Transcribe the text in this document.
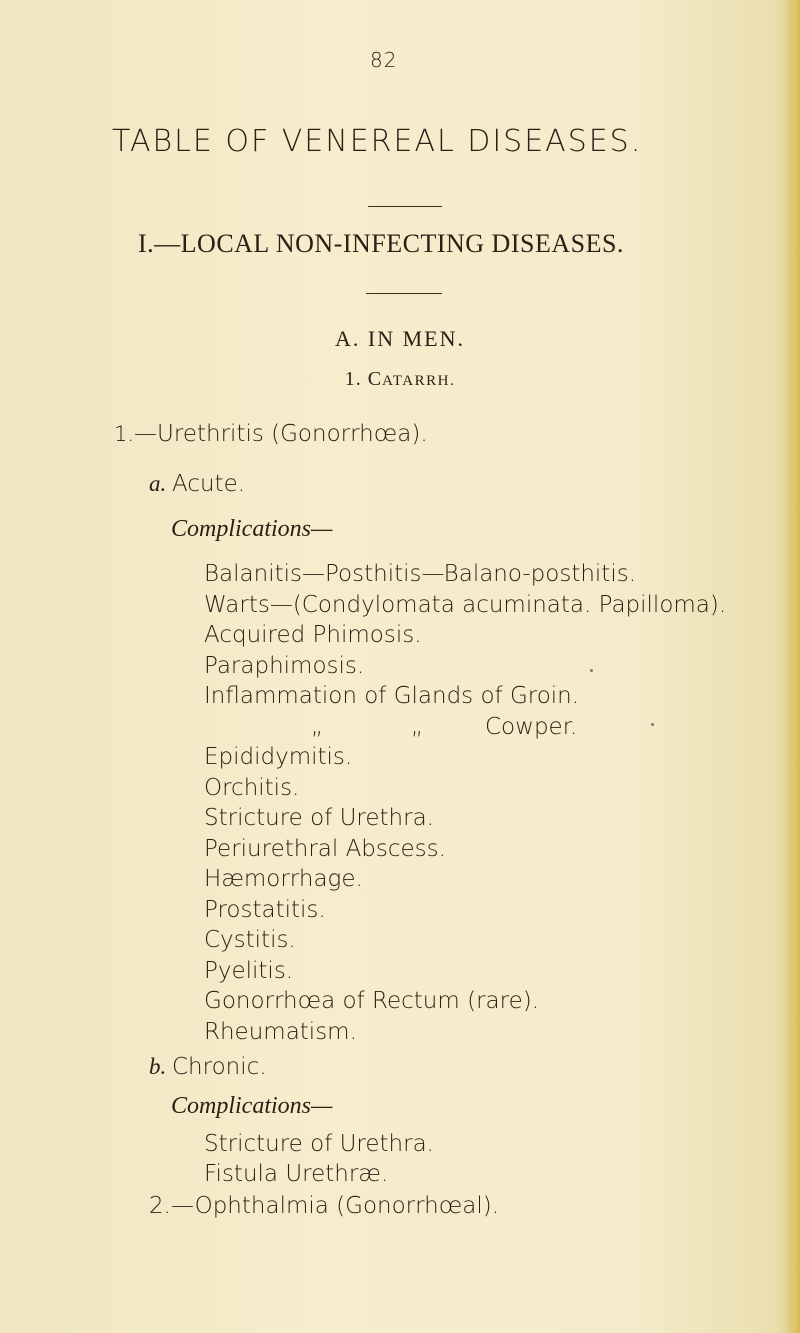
82
TABLE OF VENEREAL DISEASES.
I.—LOCAL NON-INFECTING DISEASES.
A. IN MEN.
1. CATARRH.
1.—Urethritis (Gonorrhœa).
a. Acute.
Complications—
Balanitis—Posthitis—Balano-posthitis.
Warts—(Condylomata acuminata. Papilloma).
Acquired Phimosis.
Paraphimosis.
Inflammation of Glands of Groin.
„	„	Cowper.
Epididymitis.
Orchitis.
Stricture of Urethra.
Periurethral Abscess.
Hæmorrhage.
Prostatitis.
Cystitis.
Pyelitis.
Gonorrhœa of Rectum (rare).
Rheumatism.
b. Chronic.
Complications—
Stricture of Urethra.
Fistula Urethræ.
2.—Ophthalmia (Gonorrhœal).
